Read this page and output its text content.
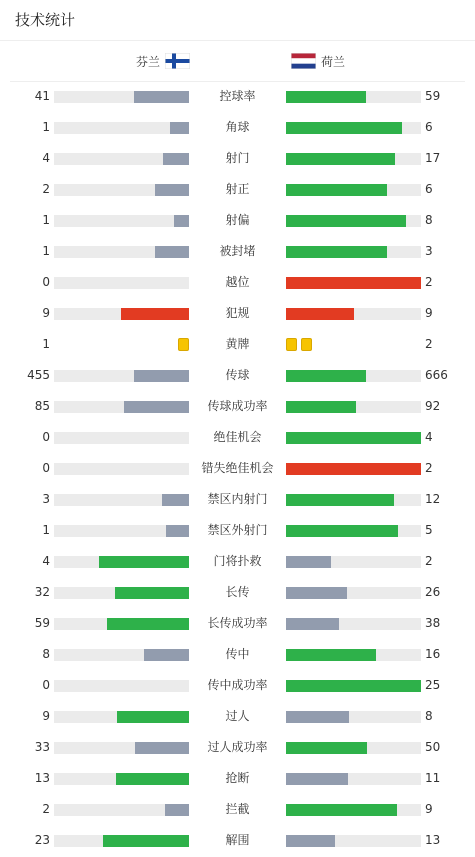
技术统计
芬兰	荷兰
41	控球率	59
1	角球	6
4	射门	17
2	射正	6
1	射偏	8
1	被封堵	3
0	越位	2
9	犯规	9
1	黄牌	2
455	传球	666
85	传球成功率	92
0	绝佳机会	4
0	错失绝佳机会	2
3	禁区内射门	12
1	禁区外射门	5
4	门将扑救	2
32	长传	26
59	长传成功率	38
8	传中	16
0	传中成功率	25
9	过人	8
33	过人成功率	50
13	抢断	11
2	拦截	9
23	解围	13
